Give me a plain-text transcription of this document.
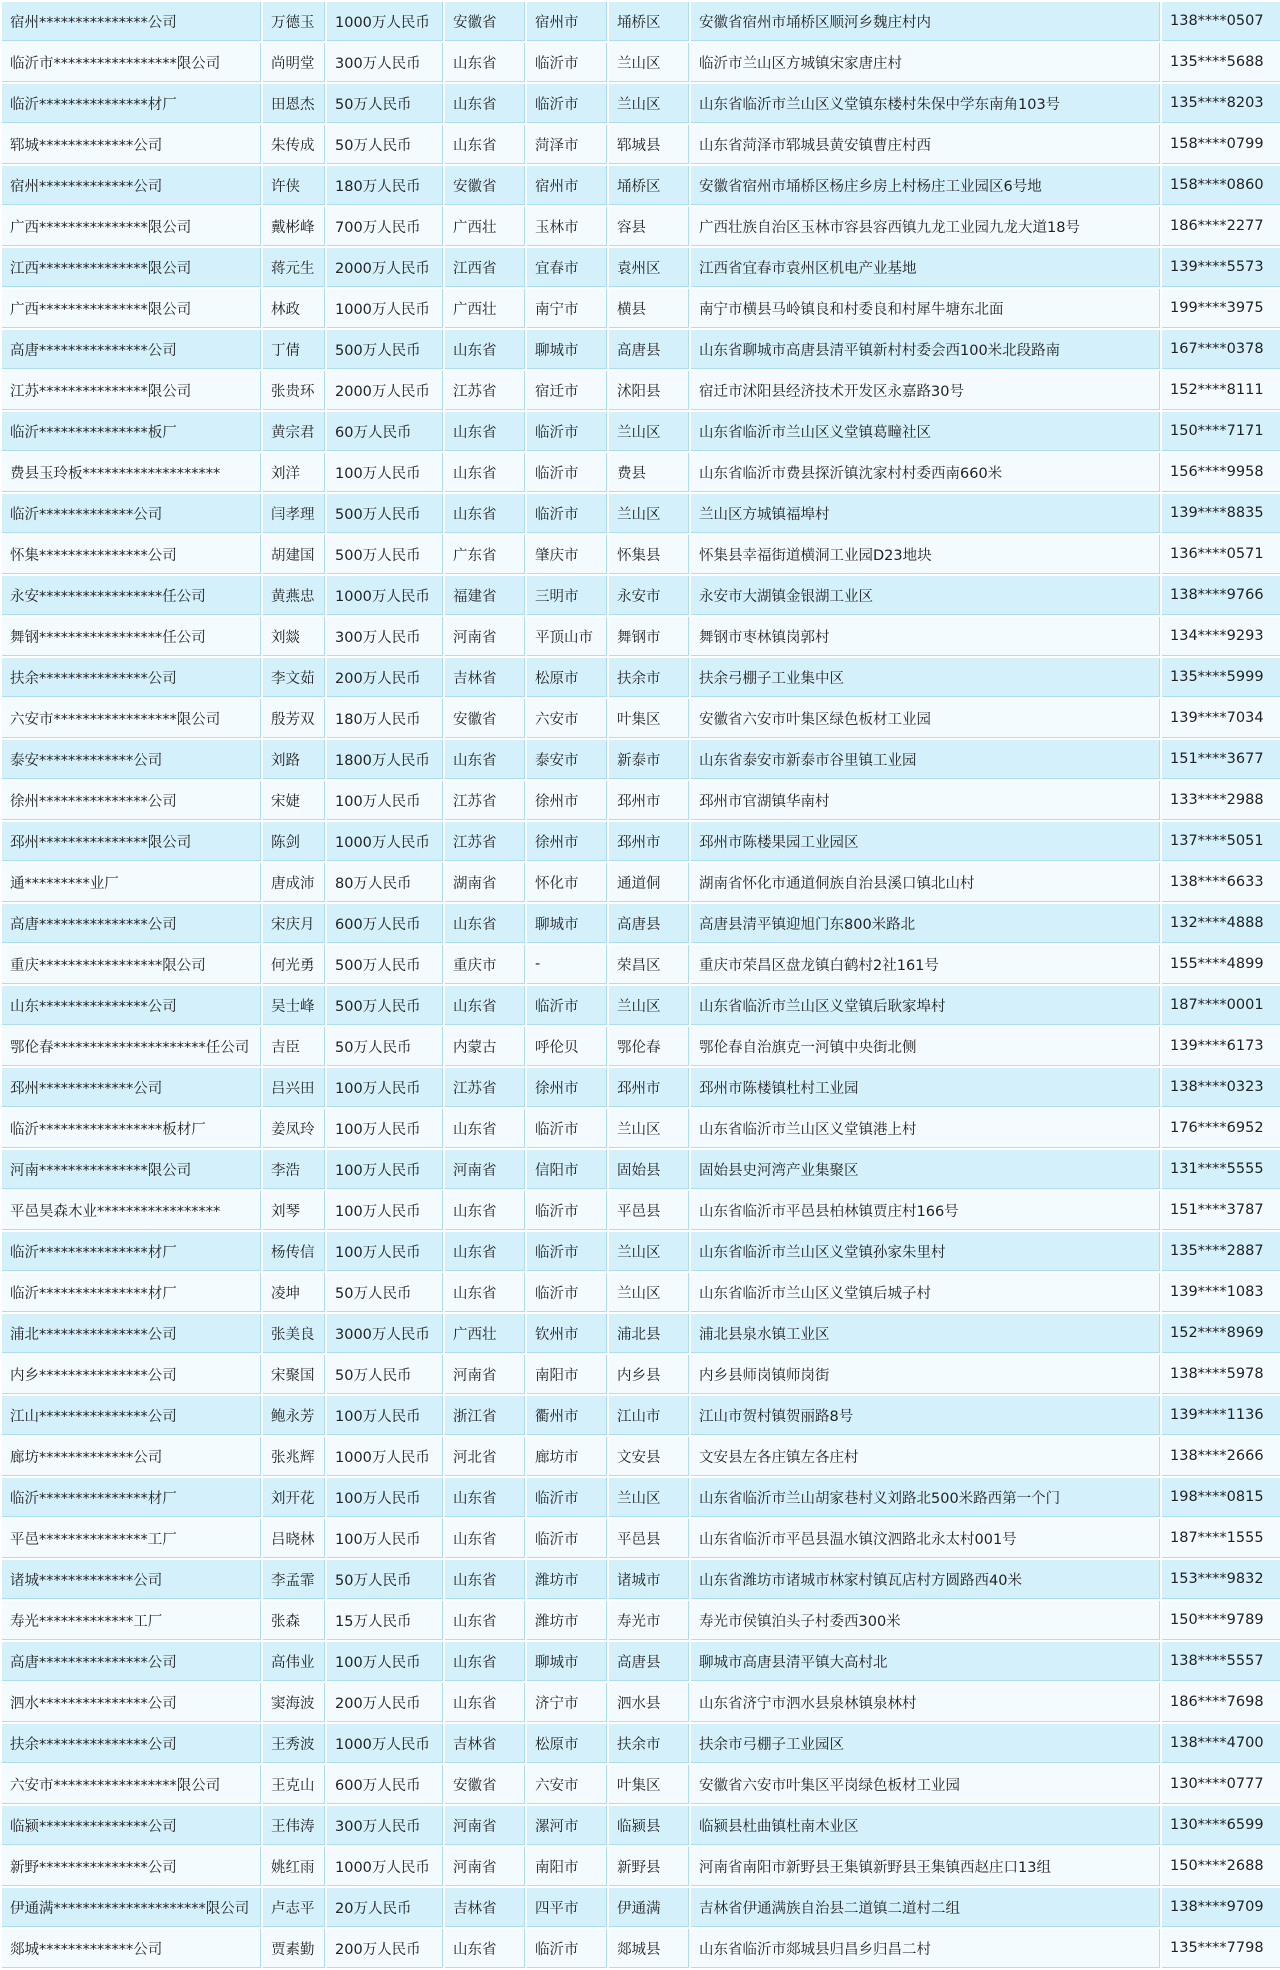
宿州***************公司	万德玉	1000万人民币	安徽省	宿州市	埇桥区	安徽省宿州市埇桥区顺河乡魏庄村内	138****0507
临沂市*****************限公司	尚明堂	300万人民币	山东省	临沂市	兰山区	临沂市兰山区方城镇宋家唐庄村	135****5688
临沂***************材厂	田恩杰	50万人民币	山东省	临沂市	兰山区	山东省临沂市兰山区义堂镇东楼村朱保中学东南角103号	135****8203
郓城*************公司	朱传成	50万人民币	山东省	菏泽市	郓城县	山东省菏泽市郓城县黄安镇曹庄村西	158****0799
宿州*************公司	许侠	180万人民币	安徽省	宿州市	埇桥区	安徽省宿州市埇桥区杨庄乡房上村杨庄工业园区6号地	158****0860
广西***************限公司	戴彬峰	700万人民币	广西壮	玉林市	容县	广西壮族自治区玉林市容县容西镇九龙工业园九龙大道18号	186****2277
江西***************限公司	蒋元生	2000万人民币	江西省	宜春市	袁州区	江西省宜春市袁州区机电产业基地	139****5573
广西***************限公司	林政	1000万人民币	广西壮	南宁市	横县	南宁市横县马岭镇良和村委良和村犀牛塘东北面	199****3975
高唐***************公司	丁倩	500万人民币	山东省	聊城市	高唐县	山东省聊城市高唐县清平镇新村村委会西100米北段路南	167****0378
江苏***************限公司	张贵环	2000万人民币	江苏省	宿迁市	沭阳县	宿迁市沭阳县经济技术开发区永嘉路30号	152****8111
临沂***************板厂	黄宗君	60万人民币	山东省	临沂市	兰山区	山东省临沂市兰山区义堂镇葛疃社区	150****7171
费县玉玲板*******************	刘洋	100万人民币	山东省	临沂市	费县	山东省临沂市费县探沂镇沈家村村委西南660米	156****9958
临沂*************公司	闫孝理	500万人民币	山东省	临沂市	兰山区	兰山区方城镇福埠村	139****8835
怀集***************公司	胡建国	500万人民币	广东省	肇庆市	怀集县	怀集县幸福街道横洞工业园D23地块	136****0571
永安*****************任公司	黄燕忠	1000万人民币	福建省	三明市	永安市	永安市大湖镇金银湖工业区	138****9766
舞钢*****************任公司	刘燚	300万人民币	河南省	平顶山市	舞钢市	舞钢市枣林镇岗郭村	134****9293
扶余***************公司	李文茹	200万人民币	吉林省	松原市	扶余市	扶余弓棚子工业集中区	135****5999
六安市*****************限公司	殷芳双	180万人民币	安徽省	六安市	叶集区	安徽省六安市叶集区绿色板材工业园	139****7034
泰安*************公司	刘路	1800万人民币	山东省	泰安市	新泰市	山东省泰安市新泰市谷里镇工业园	151****3677
徐州***************公司	宋婕	100万人民币	江苏省	徐州市	邳州市	邳州市官湖镇华南村	133****2988
邳州***************限公司	陈剑	1000万人民币	江苏省	徐州市	邳州市	邳州市陈楼果园工业园区	137****5051
通*********业厂	唐成沛	80万人民币	湖南省	怀化市	通道侗	湖南省怀化市通道侗族自治县溪口镇北山村	138****6633
高唐***************公司	宋庆月	600万人民币	山东省	聊城市	高唐县	高唐县清平镇迎旭门东800米路北	132****4888
重庆*****************限公司	何光勇	500万人民币	重庆市	-	荣昌区	重庆市荣昌区盘龙镇白鹤村2社161号	155****4899
山东***************公司	吴士峰	500万人民币	山东省	临沂市	兰山区	山东省临沂市兰山区义堂镇后耿家埠村	187****0001
鄂伦春*********************任公司	吉臣	50万人民币	内蒙古	呼伦贝	鄂伦春	鄂伦春自治旗克一河镇中央街北侧	139****6173
邳州*************公司	吕兴田	100万人民币	江苏省	徐州市	邳州市	邳州市陈楼镇杜村工业园	138****0323
临沂*****************板材厂	姜凤玲	100万人民币	山东省	临沂市	兰山区	山东省临沂市兰山区义堂镇港上村	176****6952
河南***************限公司	李浩	100万人民币	河南省	信阳市	固始县	固始县史河湾产业集聚区	131****5555
平邑昊森木业*****************	刘琴	100万人民币	山东省	临沂市	平邑县	山东省临沂市平邑县柏林镇贾庄村166号	151****3787
临沂***************材厂	杨传信	100万人民币	山东省	临沂市	兰山区	山东省临沂市兰山区义堂镇孙家朱里村	135****2887
临沂***************材厂	凌坤	50万人民币	山东省	临沂市	兰山区	山东省临沂市兰山区义堂镇后城子村	139****1083
浦北***************公司	张美良	3000万人民币	广西壮	钦州市	浦北县	浦北县泉水镇工业区	152****8969
内乡***************公司	宋聚国	50万人民币	河南省	南阳市	内乡县	内乡县师岗镇师岗街	138****5978
江山***************公司	鲍永芳	100万人民币	浙江省	衢州市	江山市	江山市贺村镇贺丽路8号	139****1136
廊坊*************公司	张兆辉	1000万人民币	河北省	廊坊市	文安县	文安县左各庄镇左各庄村	138****2666
临沂***************材厂	刘开花	100万人民币	山东省	临沂市	兰山区	山东省临沂市兰山胡家巷村义刘路北500米路西第一个门	198****0815
平邑***************工厂	吕晓林	100万人民币	山东省	临沂市	平邑县	山东省临沂市平邑县温水镇汶泗路北永太村001号	187****1555
诸城*************公司	李孟霏	50万人民币	山东省	潍坊市	诸城市	山东省潍坊市诸城市林家村镇瓦店村方圆路西40米	153****9832
寿光*************工厂	张森	15万人民币	山东省	潍坊市	寿光市	寿光市侯镇泊头子村委西300米	150****9789
高唐***************公司	高伟业	100万人民币	山东省	聊城市	高唐县	聊城市高唐县清平镇大高村北	138****5557
泗水***************公司	窦海波	200万人民币	山东省	济宁市	泗水县	山东省济宁市泗水县泉林镇泉林村	186****7698
扶余***************公司	王秀波	1000万人民币	吉林省	松原市	扶余市	扶余市弓棚子工业园区	138****4700
六安市*****************限公司	王克山	600万人民币	安徽省	六安市	叶集区	安徽省六安市叶集区平岗绿色板材工业园	130****0777
临颍***************公司	王伟涛	300万人民币	河南省	漯河市	临颍县	临颍县杜曲镇杜南木业区	130****6599
新野***************公司	姚红雨	1000万人民币	河南省	南阳市	新野县	河南省南阳市新野县王集镇新野县王集镇西赵庄口13组	150****2688
伊通满*********************限公司	卢志平	20万人民币	吉林省	四平市	伊通满	吉林省伊通满族自治县二道镇二道村二组	138****9709
郯城*************公司	贾素勤	200万人民币	山东省	临沂市	郯城县	山东省临沂市郯城县归昌乡归昌二村	135****7798
